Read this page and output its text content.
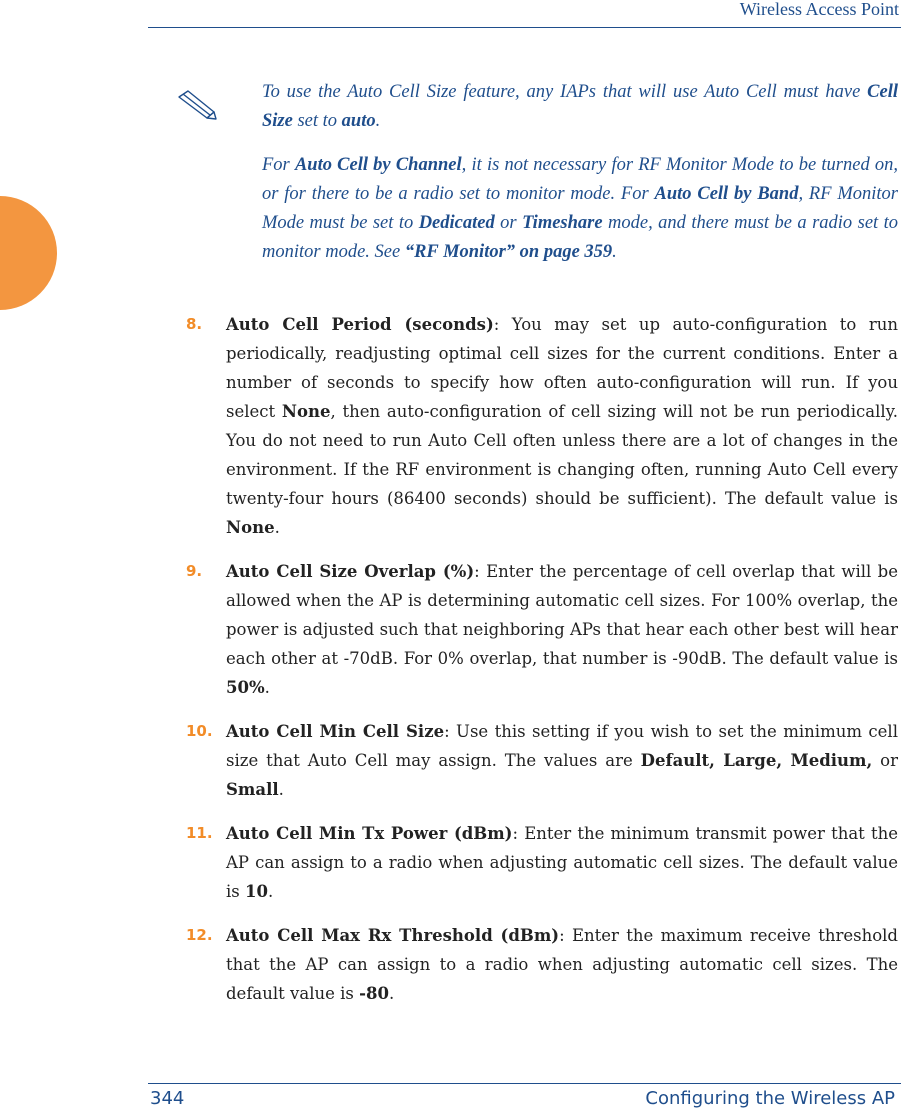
Wireless Access Point

To use the Auto Cell Size feature, any IAPs that will use Auto Cell must have Cell Size set to auto.

For Auto Cell by Channel, it is not necessary for RF Monitor Mode to be turned on, or for there to be a radio set to monitor mode. For Auto Cell by Band, RF Monitor Mode must be set to Dedicated or Timeshare mode, and there must be a radio set to monitor mode. See “RF Monitor” on page 359.

8.	Auto Cell Period (seconds): You may set up auto-configuration to run periodically, readjusting optimal cell sizes for the current conditions. Enter a number of seconds to specify how often auto-configuration will run. If you select None, then auto-configuration of cell sizing will not be run periodically. You do not need to run Auto Cell often unless there are a lot of changes in the environment. If the RF environment is changing often, running Auto Cell every twenty-four hours (86400 seconds) should be sufficient). The default value is None.
9.	Auto Cell Size Overlap (%): Enter the percentage of cell overlap that will be allowed when the AP is determining automatic cell sizes. For 100% overlap, the power is adjusted such that neighboring APs that hear each other best will hear each other at -70dB. For 0% overlap, that number is -90dB. The default value is 50%.
10. Auto Cell Min Cell Size: Use this setting if you wish to set the minimum cell size that Auto Cell may assign. The values are Default, Large, Medium, or Small.
11. Auto Cell Min Tx Power (dBm): Enter the minimum transmit power that the AP can assign to a radio when adjusting automatic cell sizes. The default value is 10.
12. Auto Cell Max Rx Threshold (dBm): Enter the maximum receive threshold that the AP can assign to a radio when adjusting automatic cell sizes. The default value is -80.
344	Configuring the Wireless AP
